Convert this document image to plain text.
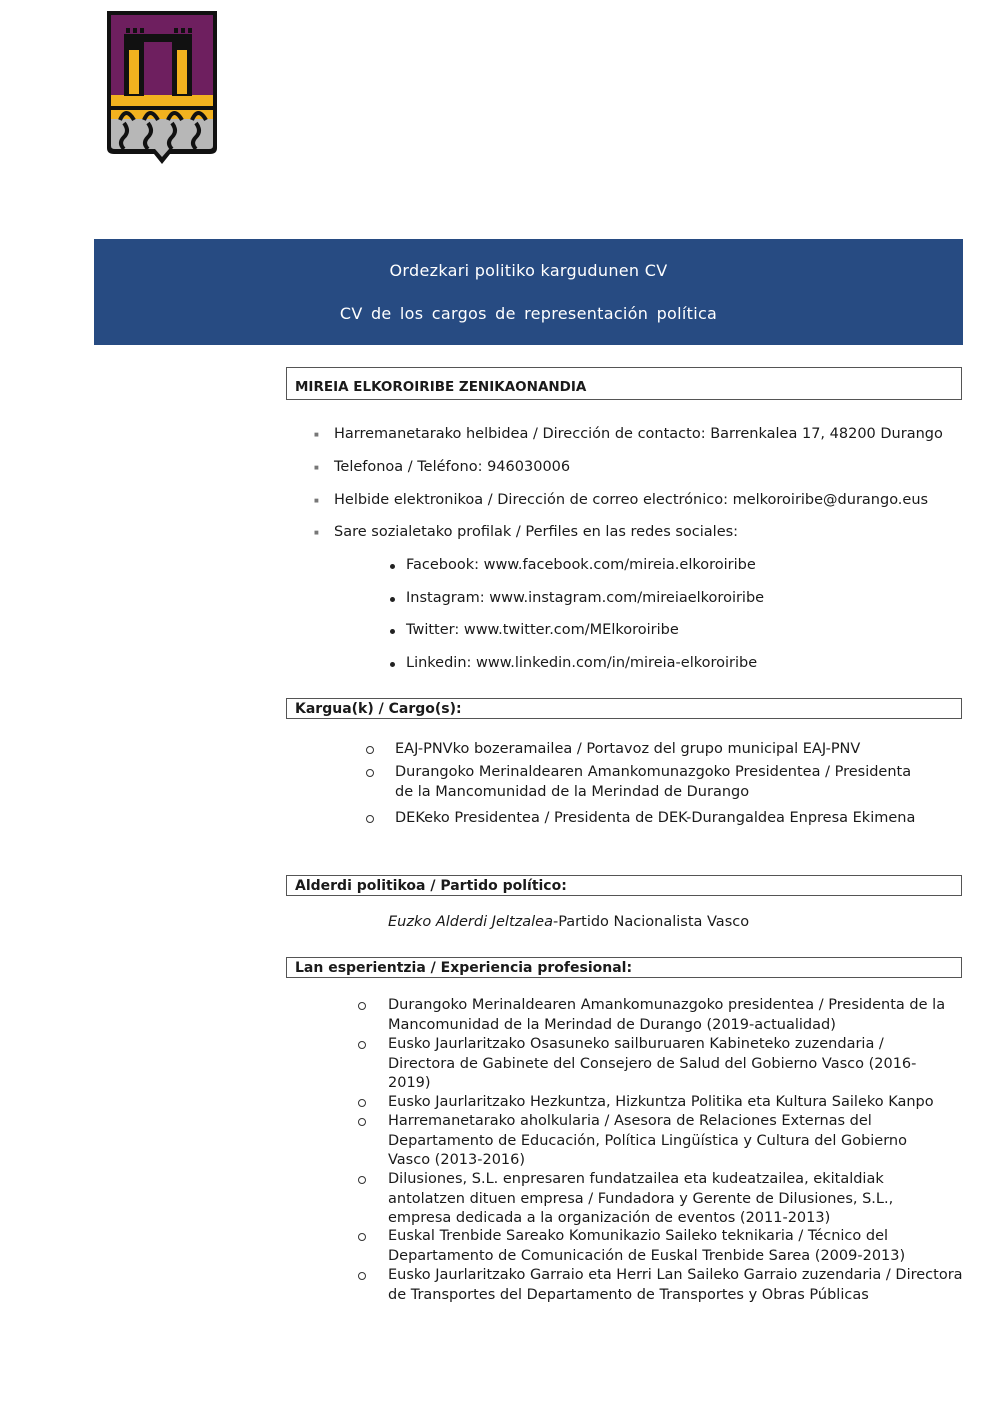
Ordezkari politiko kargudunen CV
CV de los cargos de representación política
MIREIA ELKOROIRIBE ZENIKAONANDIA
■ Harremanetarako helbidea / Dirección de contacto: Barrenkalea 17, 48200 Durango
■ Telefonoa / Teléfono: 946030006
■ Helbide elektronikoa / Dirección de correo electrónico: melkoroiribe@durango.eus
■ Sare sozialetako profilak / Perfiles en las redes sociales:
Facebook: www.facebook.com/mireia.elkoroiribe
Instagram: www.instagram.com/mireiaelkoroiribe
Twitter: www.twitter.com/MElkoroiribe
Linkedin: www.linkedin.com/in/mireia-elkoroiribe
Kargua(k) / Cargo(s):
EAJ-PNVko bozeramailea / Portavoz del grupo municipal EAJ-PNV
Durangoko Merinaldearen Amankomunazgoko Presidentea / Presidenta de la Mancomunidad de la Merindad de Durango
DEKeko Presidentea / Presidenta de DEK-Durangaldea Enpresa Ekimena
Alderdi politikoa / Partido político:
Euzko Alderdi Jeltzalea-Partido Nacionalista Vasco
Lan esperientzia / Experiencia profesional:
Durangoko Merinaldearen Amankomunazgoko presidentea / Presidenta de la Mancomunidad de la Merindad de Durango (2019-actualidad)
Eusko Jaurlaritzako Osasuneko sailburuaren Kabineteko zuzendaria / Directora de Gabinete del Consejero de Salud del Gobierno Vasco (2016-2019)
Eusko Jaurlaritzako Hezkuntza, Hizkuntza Politika eta Kultura Saileko Kanpo
Harremanetarako aholkularia / Asesora de Relaciones Externas del Departamento de Educación, Política Lingüística y Cultura del Gobierno Vasco (2013-2016)
Dilusiones, S.L. enpresaren fundatzailea eta kudeatzailea, ekitaldiak antolatzen dituen empresa / Fundadora y Gerente de Dilusiones, S.L., empresa dedicada a la organización de eventos (2011-2013)
Euskal Trenbide Sareako Komunikazio Saileko teknikaria / Técnico del Departamento de Comunicación de Euskal Trenbide Sarea (2009-2013)
Eusko Jaurlaritzako Garraio eta Herri Lan Saileko Garraio zuzendaria / Directora de Transportes del Departamento de Transportes y Obras Públicas
